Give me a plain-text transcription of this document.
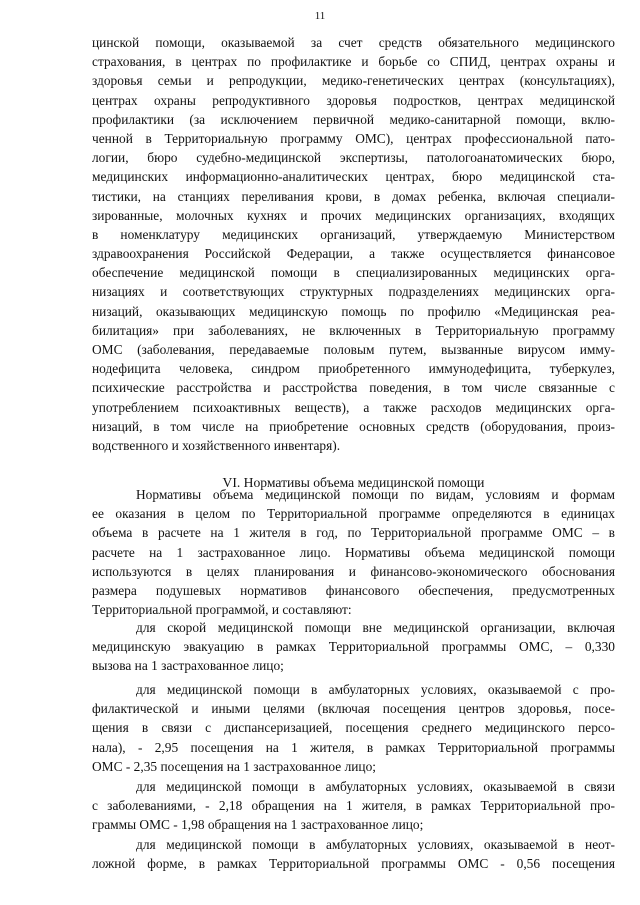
11
цинской помощи, оказываемой за счет средств обязательного медицинского
страхования, в центрах по профилактике и борьбе со СПИД, центрах охраны и
здоровья семьи и репродукции, медико-генетических центрах (консультациях),
центрах охраны репродуктивного здоровья подростков, центрах медицинской
профилактики (за исключением первичной медико-санитарной помощи, вклю-
ченной в Территориальную программу ОМС), центрах профессиональной пато-
логии, бюро судебно-медицинской экспертизы, патологоанатомических бюро,
медицинских информационно-аналитических центрах, бюро медицинской ста-
тистики, на станциях переливания крови, в домах ребенка, включая специали-
зированные, молочных кухнях и прочих медицинских организациях, входящих
в номенклатуру медицинских организаций, утверждаемую Министерством
здравоохранения Российской Федерации, а также осуществляется финансовое
обеспечение медицинской помощи в специализированных медицинских орга-
низациях и соответствующих структурных подразделениях медицинских орга-
низаций, оказывающих медицинскую помощь по профилю «Медицинская реа-
билитация» при заболеваниях, не включенных в Территориальную программу
ОМС (заболевания, передаваемые половым путем, вызванные вирусом имму-
нодефицита человека, синдром приобретенного иммунодефицита, туберкулез,
психические расстройства и расстройства поведения, в том числе связанные с
употреблением психоактивных веществ), а также расходов медицинских орга-
низаций, в том числе на приобретение основных средств (оборудования, произ-
водственного и хозяйственного инвентаря).
VI. Нормативы объема медицинской помощи
Нормативы объема медицинской помощи по видам, условиям и формам
ее оказания в целом по Территориальной программе определяются в единицах
объема в расчете на 1 жителя в год, по Территориальной программе ОМС – в
расчете на 1 застрахованное лицо. Нормативы объема медицинской помощи
используются в целях планирования и финансово-экономического обоснования
размера подушевых нормативов финансового обеспечения, предусмотренных
Территориальной программой, и составляют:
для скорой медицинской помощи вне медицинской организации, включая
медицинскую эвакуацию в рамках Территориальной программы ОМС, – 0,330
вызова на 1 застрахованное лицо;
для медицинской помощи в амбулаторных условиях, оказываемой с про-
филактической и иными целями (включая посещения центров здоровья, посе-
щения в связи с диспансеризацией, посещения среднего медицинского персо-
нала), - 2,95 посещения на 1 жителя, в рамках Территориальной программы
ОМС - 2,35 посещения на 1 застрахованное лицо;
для медицинской помощи в амбулаторных условиях, оказываемой в связи
с заболеваниями, - 2,18 обращения на 1 жителя, в рамках Территориальной про-
граммы ОМС - 1,98 обращения на 1 застрахованное лицо;
для медицинской помощи в амбулаторных условиях, оказываемой в неот-
ложной форме, в рамках Территориальной программы ОМС - 0,56 посещения
